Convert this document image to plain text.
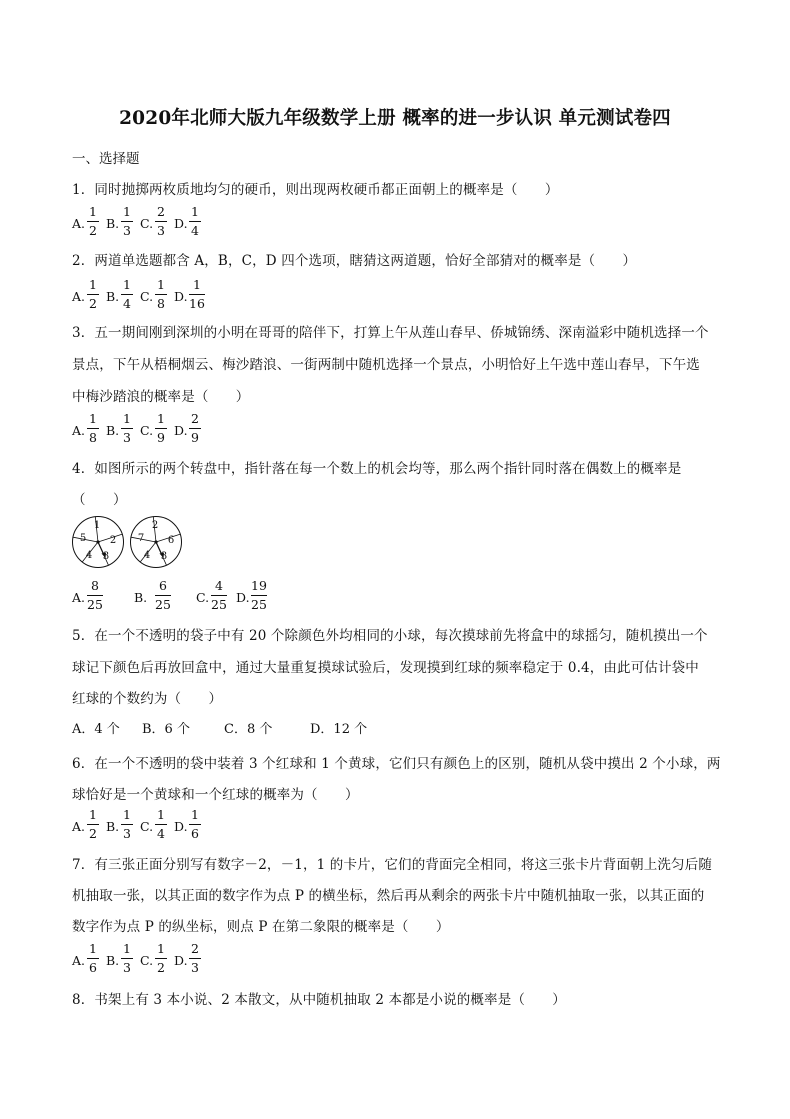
2020年北师大版九年级数学上册 概率的进一步认识 单元测试卷四
一、选择题
1．同时抛掷两枚质地均匀的硬币，则出现两枚硬币都正面朝上的概率是（　　）
A.
1
2 B.
1
3 C.
2
3 D.
1
4
2．两道单选题都含 A，B，C，D 四个选项，瞎猜这两道题，恰好全部猜对的概率是（　　）
A.
1
2 B.
1
4 C.
1
8 D.
1
16
3．五一期间刚到深圳的小明在哥哥的陪伴下，打算上午从莲山春早、侨城锦绣、深南溢彩中随机选择一个
景点，下午从梧桐烟云、梅沙踏浪、一街两制中随机选择一个景点，小明恰好上午选中莲山春早，下午选
中梅沙踏浪的概率是（　　）
A.
1
8 B.
1
3 C.
1
9 D.
2
9
4．如图所示的两个转盘中，指针落在每一个数上的机会均等，那么两个指针同时落在偶数上的概率是
（　　）
1
2
3
4
5
2
6
3
4
7
A.
8
25 B.
6
25 C.
4
25 D.
19
25
5．在一个不透明的袋子中有 20 个除颜色外均相同的小球，每次摸球前先将盒中的球摇匀，随机摸出一个
球记下颜色后再放回盒中，通过大量重复摸球试验后，发现摸到红球的频率稳定于 0.4，由此可估计袋中
红球的个数约为（　　）
A．4 个 B．6 个	C．8 个	D．12 个
6．在一个不透明的袋中装着 3 个红球和 1 个黄球，它们只有颜色上的区别，随机从袋中摸出 2 个小球，两
球恰好是一个黄球和一个红球的概率为（　　）
A.
1
2 B.
1
3 C.
1
4 D.
1
6
7．有三张正面分别写有数字－2，－1，1 的卡片，它们的背面完全相同，将这三张卡片背面朝上洗匀后随
机抽取一张，以其正面的数字作为点 P 的横坐标，然后再从剩余的两张卡片中随机抽取一张，以其正面的
数字作为点 P 的纵坐标，则点 P 在第二象限的概率是（　　）
A.
1
6 B.
1
3 C.
1
2 D.
2
3
8．书架上有 3 本小说、2 本散文，从中随机抽取 2 本都是小说的概率是（　　）
